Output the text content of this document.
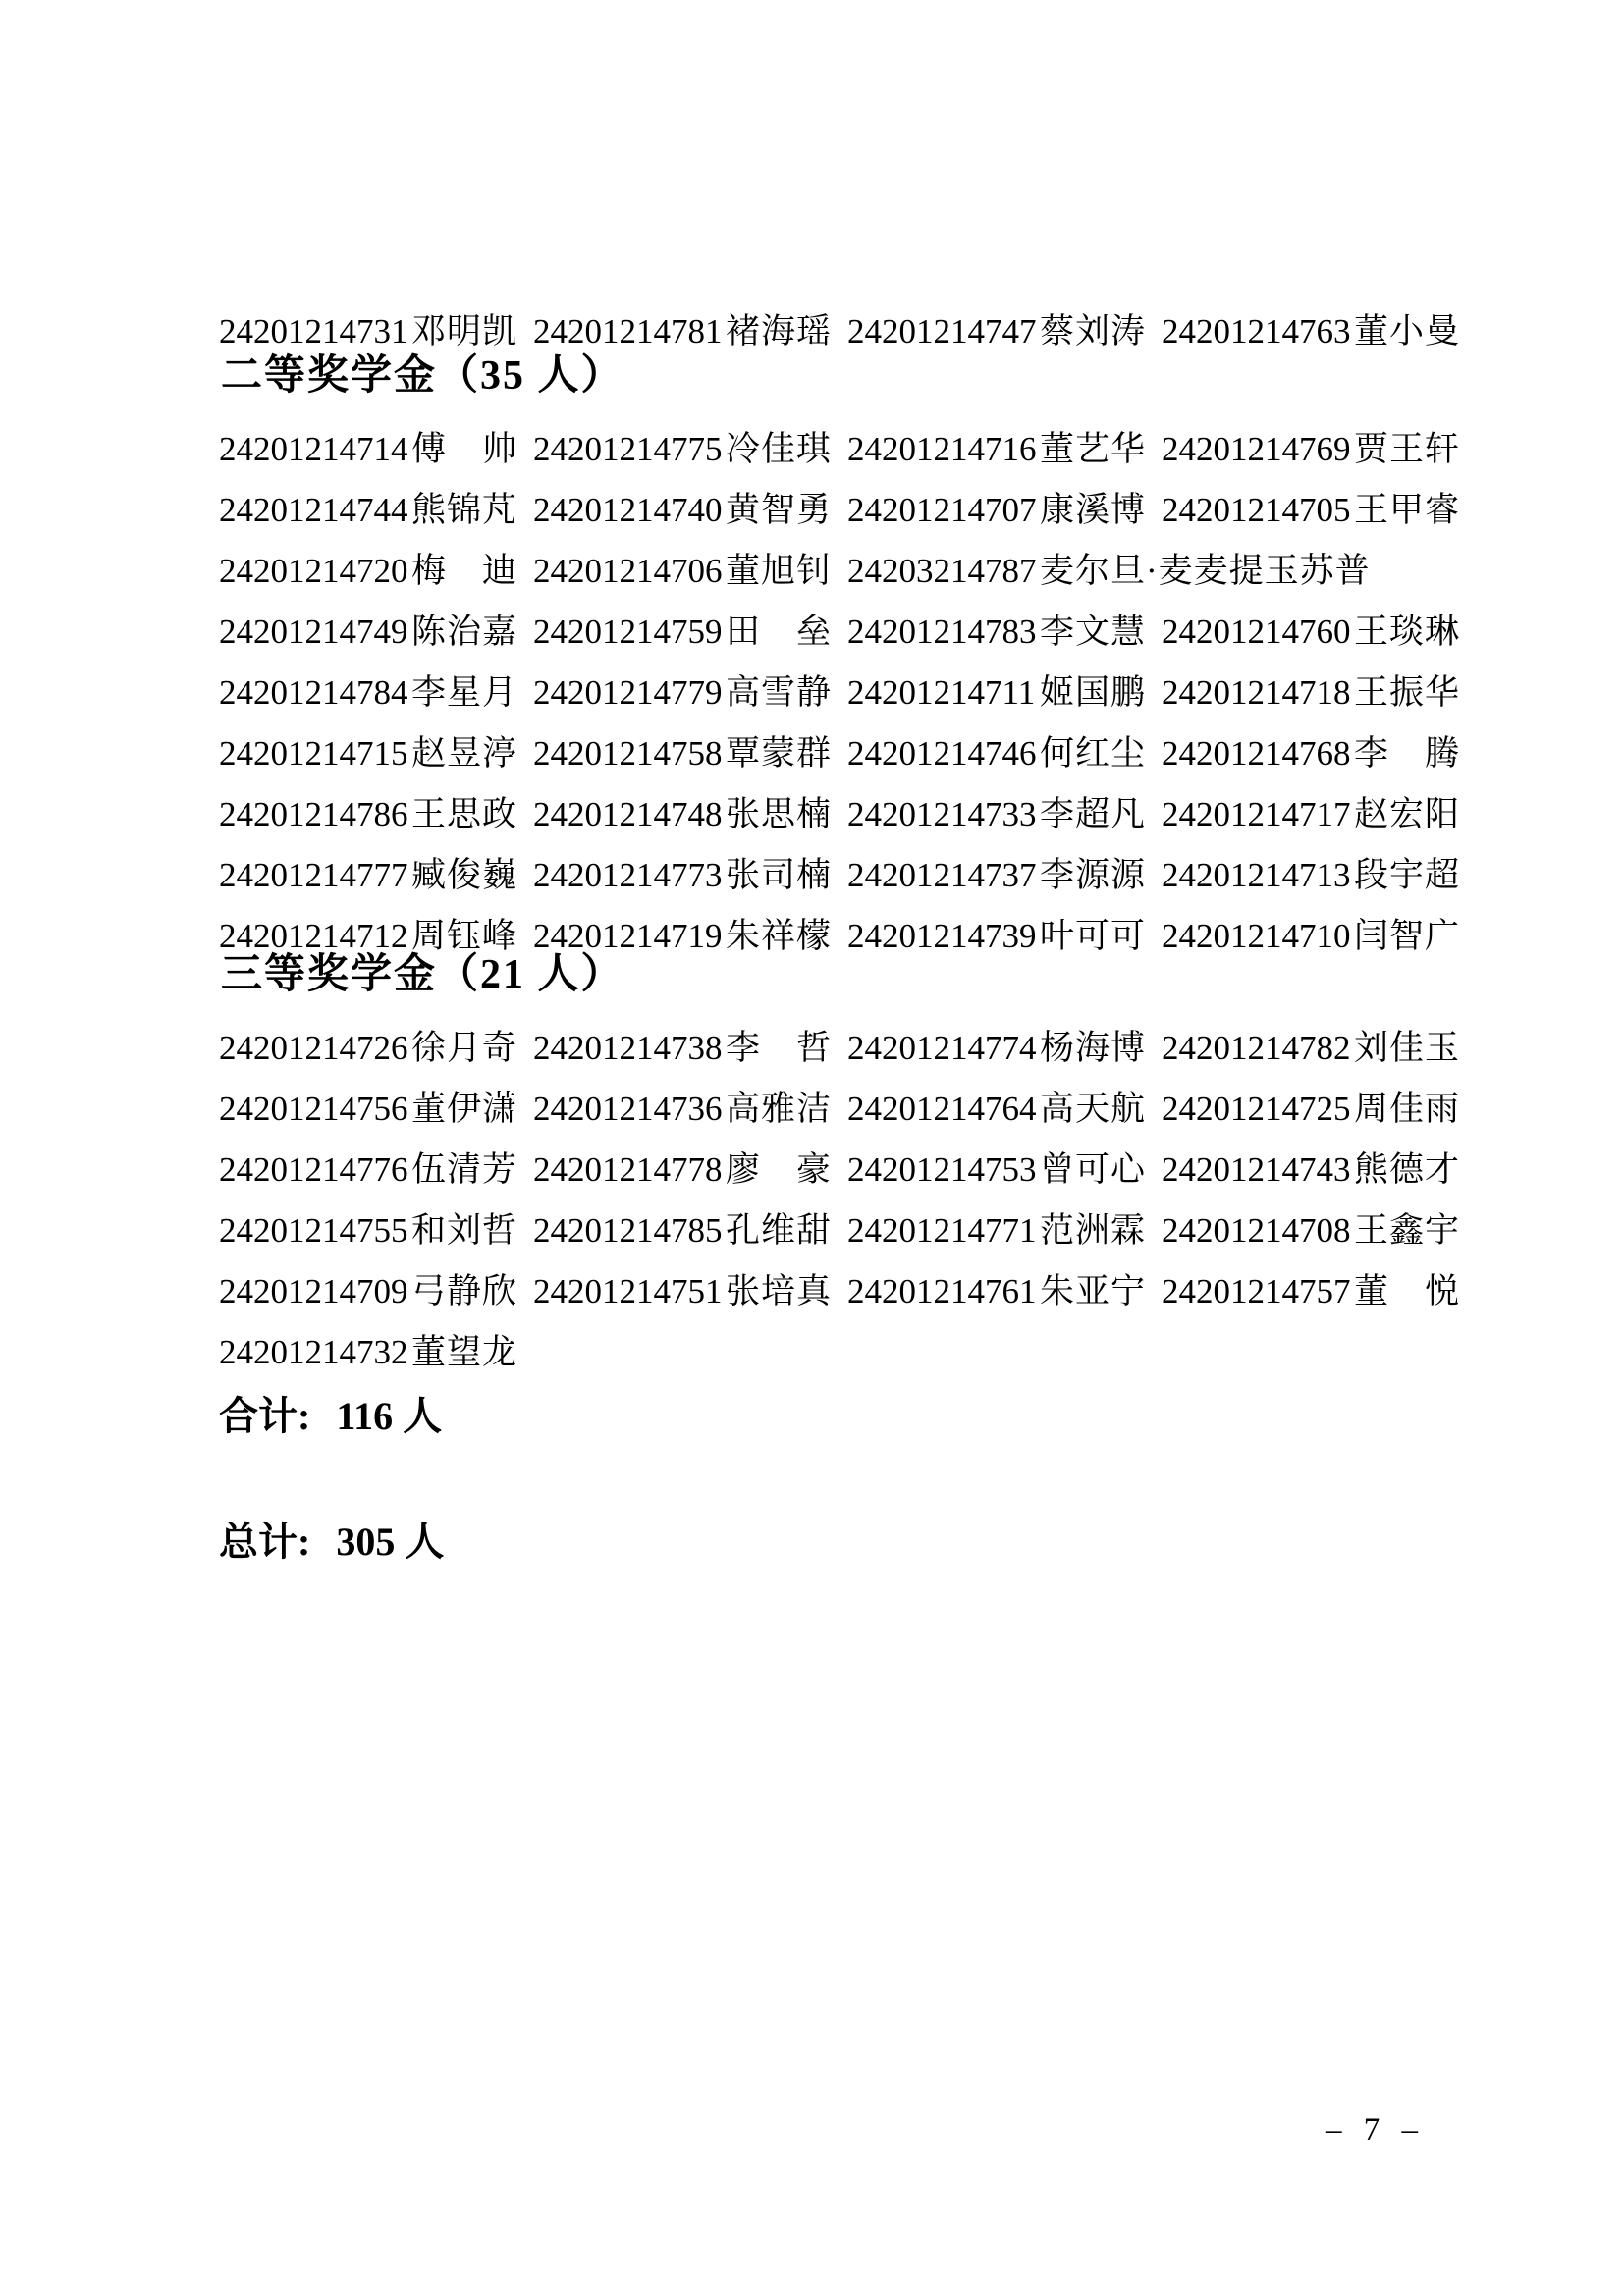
24201214731 邓明凯 24201214781 褚海瑶 24201214747 蔡刘涛 24201214763 董小曼
二等奖学金（35 人）
24201214714 傅　帅 24201214775 冷佳琪 24201214716 董艺华 24201214769 贾王轩
24201214744 熊锦芃 24201214740 黄智勇 24201214707 康溪博 24201214705 王甲睿
24201214720 梅　迪 24201214706 董旭钊 24203214787 麦尔旦·麦麦提玉苏普
24201214749 陈治嘉 24201214759 田　垒 24201214783 李文慧 24201214760 王琰琳
24201214784 李星月 24201214779 高雪静 24201214711 姬国鹏 24201214718 王振华
24201214715 赵昱渟 24201214758 覃蒙群 24201214746 何红尘 24201214768 李　腾
24201214786 王思政 24201214748 张思楠 24201214733 李超凡 24201214717 赵宏阳
24201214777 臧俊巍 24201214773 张司楠 24201214737 李源源 24201214713 段宇超
24201214712 周钰峰 24201214719 朱祥檬 24201214739 叶可可 24201214710 闫智广
三等奖学金（21 人）
24201214726 徐月奇 24201214738 李　哲 24201214774 杨海博 24201214782 刘佳玉
24201214756 董伊潇 24201214736 高雅洁 24201214764 高天航 24201214725 周佳雨
24201214776 伍清芳 24201214778 廖　豪 24201214753 曾可心 24201214743 熊德才
24201214755 和刘哲 24201214785 孔维甜 24201214771 范洲霖 24201214708 王鑫宇
24201214709 弓静欣 24201214751 张培真 24201214761 朱亚宁 24201214757 董　悦
24201214732 董望龙
合计: 116 人
总计: 305 人
– 7 –
